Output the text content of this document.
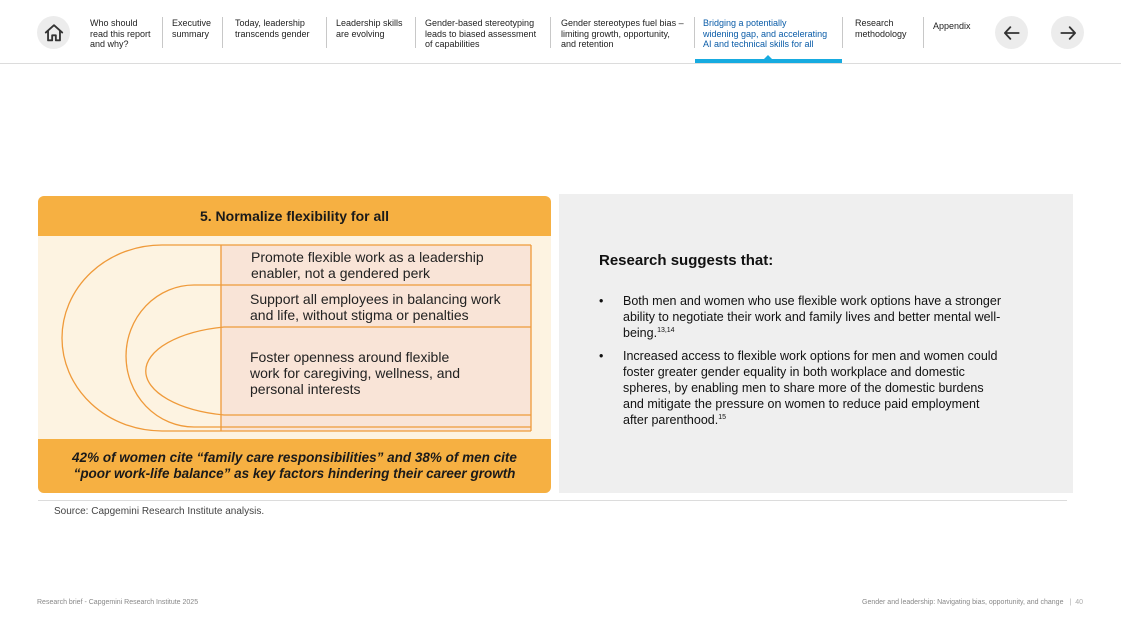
Who should
read this report
and why?
Executive
summary
Today, leadership
transcends gender
Leadership skills
are evolving
Gender-based stereotyping
leads to biased assessment
of capabilities
Gender stereotypes fuel bias –
limiting growth, opportunity,
and retention
Bridging a potentially
widening gap, and accelerating
AI and technical skills for all
Research
methodology
Appendix
5. Normalize flexibility for all
Promote flexible work as a leadership enabler, not a gendered perk
Support all employees in balancing work and life, without stigma or penalties
Foster openness around flexible work for caregiving, wellness, and personal interests
42% of women cite “family care responsibilities” and 38% of men cite “poor work-life balance” as key factors hindering their career growth
Research suggests that:
• Both men and women who use flexible work options have a stronger ability to negotiate their work and family lives and better mental well-being.$^{13,14}$
• Increased access to flexible work options for men and women could foster greater gender equality in both workplace and domestic spheres, by enabling men to share more of the domestic burdens and mitigate the pressure on women to reduce paid employment after parenthood.$^{15}$
Source: Capgemini Research Institute analysis.
Research brief - Capgemini Research Institute 2025	Gender and leadership: Navigating bias, opportunity, and change | 40
